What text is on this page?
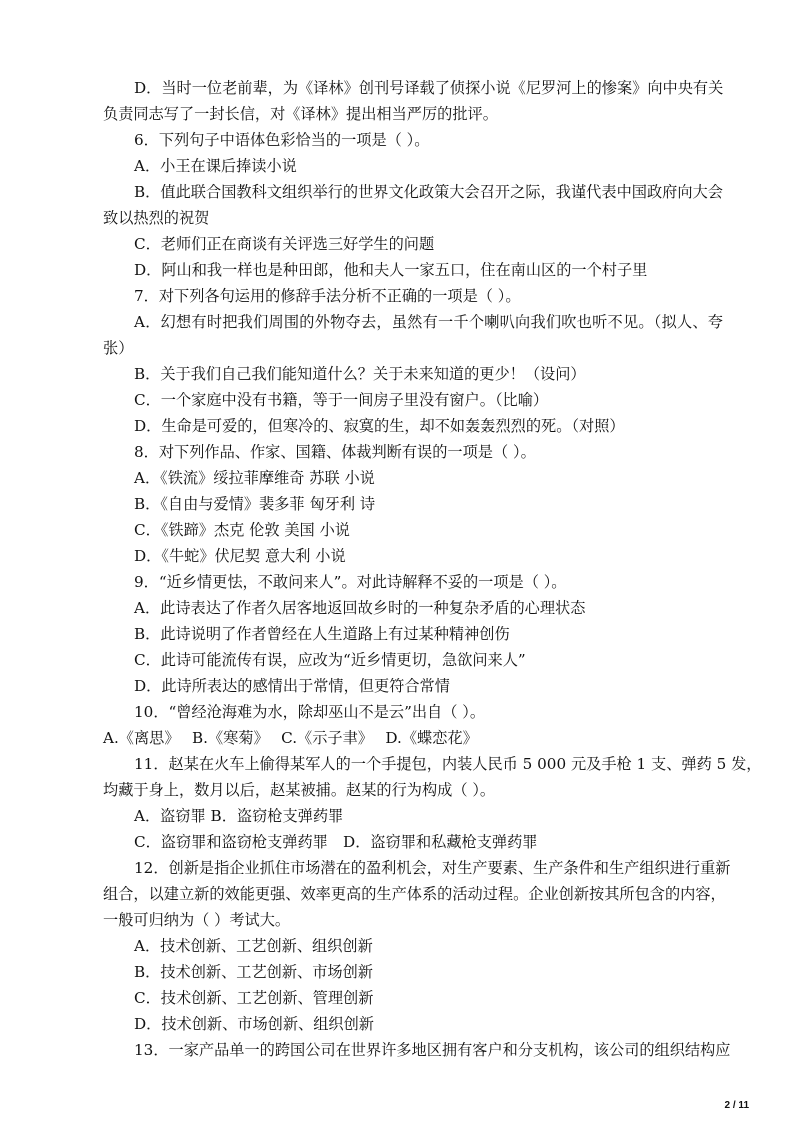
D．当时一位老前辈，为《译林》创刊号译载了侦探小说《尼罗河上的惨案》向中央有关
负责同志写了一封长信，对《译林》提出相当严厉的批评。
6．下列句子中语体色彩恰当的一项是（ ）。
A．小王在课后捧读小说
B．值此联合国教科文组织举行的世界文化政策大会召开之际，我谨代表中国政府向大会
致以热烈的祝贺
C．老师们正在商谈有关评选三好学生的问题
D．阿山和我一样也是种田郎，他和夫人一家五口，住在南山区的一个村子里
7．对下列各句运用的修辞手法分析不正确的一项是（ ）。
A．幻想有时把我们周围的外物夺去，虽然有一千个喇叭向我们吹也听不见。（拟人、夸
张）
B．关于我们自己我们能知道什么？关于未来知道的更少！（设问）
C．一个家庭中没有书籍，等于一间房子里没有窗户。（比喻）
D．生命是可爱的，但寒冷的、寂寞的生，却不如轰轰烈烈的死。（对照）
8．对下列作品、作家、国籍、体裁判断有误的一项是（ ）。
A．《铁流》绥拉菲摩维奇 苏联 小说
B．《自由与爱情》裴多菲 匈牙利 诗
C．《铁蹄》杰克 伦敦 美国 小说
D．《牛蛇》伏尼契 意大利 小说
9．“近乡情更怯，不敢问来人”。对此诗解释不妥的一项是（ ）。
A．此诗表达了作者久居客地返回故乡时的一种复杂矛盾的心理状态
B．此诗说明了作者曾经在人生道路上有过某种精神创伤
C．此诗可能流传有误，应改为“近乡情更切，急欲问来人”
D．此诗所表达的感情出于常情，但更符合常情
10．“曾经沧海难为水，除却巫山不是云”出自（ ）。
A.《离思》　 B.《寒菊》　 C.《示子聿》　 D.《蝶恋花》
11．赵某在火车上偷得某军人的一个手提包，内装人民币 5 000 元及手枪 1 支、弹药 5 发，
均藏于身上，数月以后，赵某被捕。赵某的行为构成（ ）。
A．盗窃罪 B．盗窃枪支弹药罪
C．盗窃罪和盗窃枪支弹药罪　D．盗窃罪和私藏枪支弹药罪
12．创新是指企业抓住市场潜在的盈利机会，对生产要素、生产条件和生产组织进行重新
组合，以建立新的效能更强、效率更高的生产体系的活动过程。企业创新按其所包含的内容，
一般可归纳为（ ）考试大。
A．技术创新、工艺创新、组织创新
B．技术创新、工艺创新、市场创新
C．技术创新、工艺创新、管理创新
D．技术创新、市场创新、组织创新
13．一家产品单一的跨国公司在世界许多地区拥有客户和分支机构，该公司的组织结构应
2 / 11
